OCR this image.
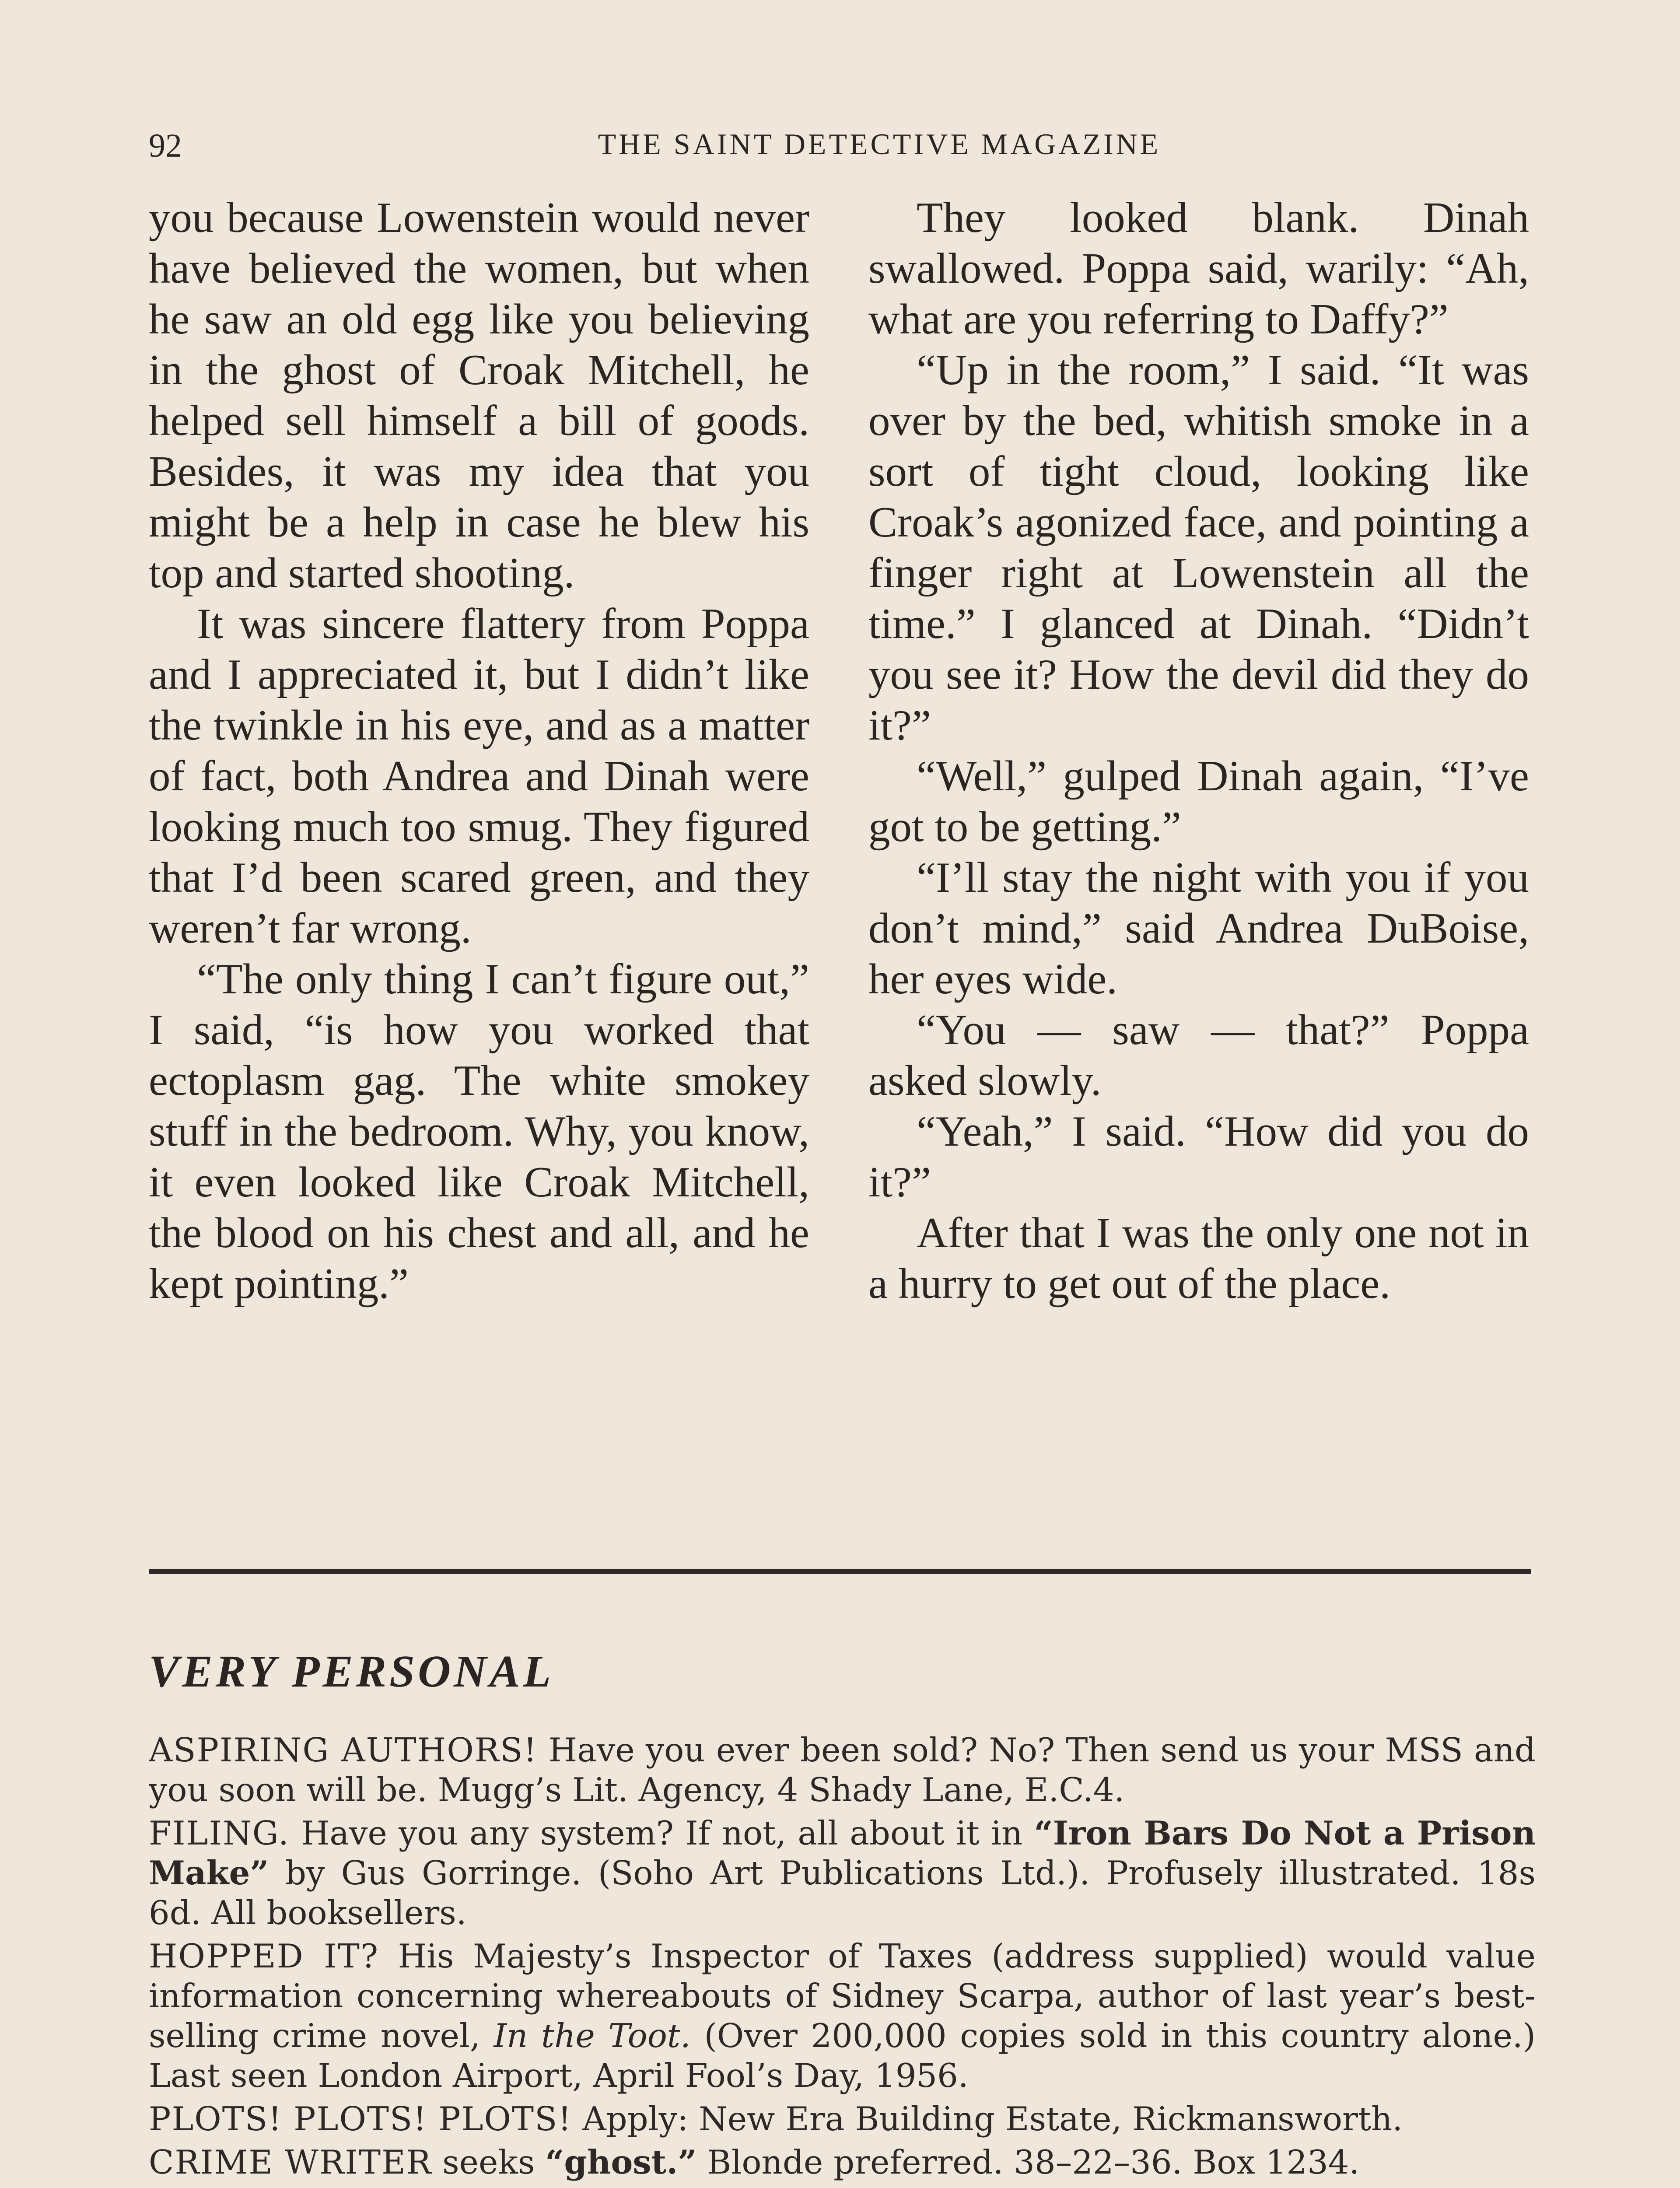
92	THE SAINT DETECTIVE MAGAZINE

you because Lowenstein would never have believed the women, but when he saw an old egg like you believing in the ghost of Croak Mitchell, he helped sell himself a bill of goods. Besides, it was my idea that you might be a help in case he blew his top and started shooting.

It was sincere flattery from Poppa and I appreciated it, but I didn’t like the twinkle in his eye, and as a matter of fact, both Andrea and Dinah were looking much too smug. They figured that I’d been scared green, and they weren’t far wrong.

“The only thing I can’t figure out,” I said, “is how you worked that ectoplasm gag. The white smokey stuff in the bedroom. Why, you know, it even looked like Croak Mitchell, the blood on his chest and all, and he kept pointing.”

They looked blank. Dinah swallowed. Poppa said, warily: “Ah, what are you referring to Daffy?”

“Up in the room,” I said. “It was over by the bed, whitish smoke in a sort of tight cloud, looking like Croak’s agonized face, and pointing a finger right at Lowenstein all the time.” I glanced at Dinah. “Didn’t you see it? How the devil did they do it?”

“Well,” gulped Dinah again, “I’ve got to be getting.”

“I’ll stay the night with you if you don’t mind,” said Andrea DuBoise, her eyes wide.

“You — saw — that?” Poppa asked slowly.

“Yeah,” I said. “How did you do it?”

After that I was the only one not in a hurry to get out of the place.

VERY PERSONAL

ASPIRING AUTHORS! Have you ever been sold? No? Then send us your MSS and you soon will be. Mugg’s Lit. Agency, 4 Shady Lane, E.C.4.

FILING. Have you any system? If not, all about it in “Iron Bars Do Not a Prison Make” by Gus Gorringe. (Soho Art Publications Ltd.). Profusely illustrated. 18s 6d. All booksellers.

HOPPED IT? His Majesty’s Inspector of Taxes (address supplied) would value information concerning whereabouts of Sidney Scarpa, author of last year’s best-selling crime novel, In the Toot. (Over 200,000 copies sold in this country alone.) Last seen London Airport, April Fool’s Day, 1956.

PLOTS! PLOTS! PLOTS! Apply: New Era Building Estate, Rickmansworth.

CRIME WRITER seeks “ghost.” Blonde preferred. 38–22–36. Box 1234.
